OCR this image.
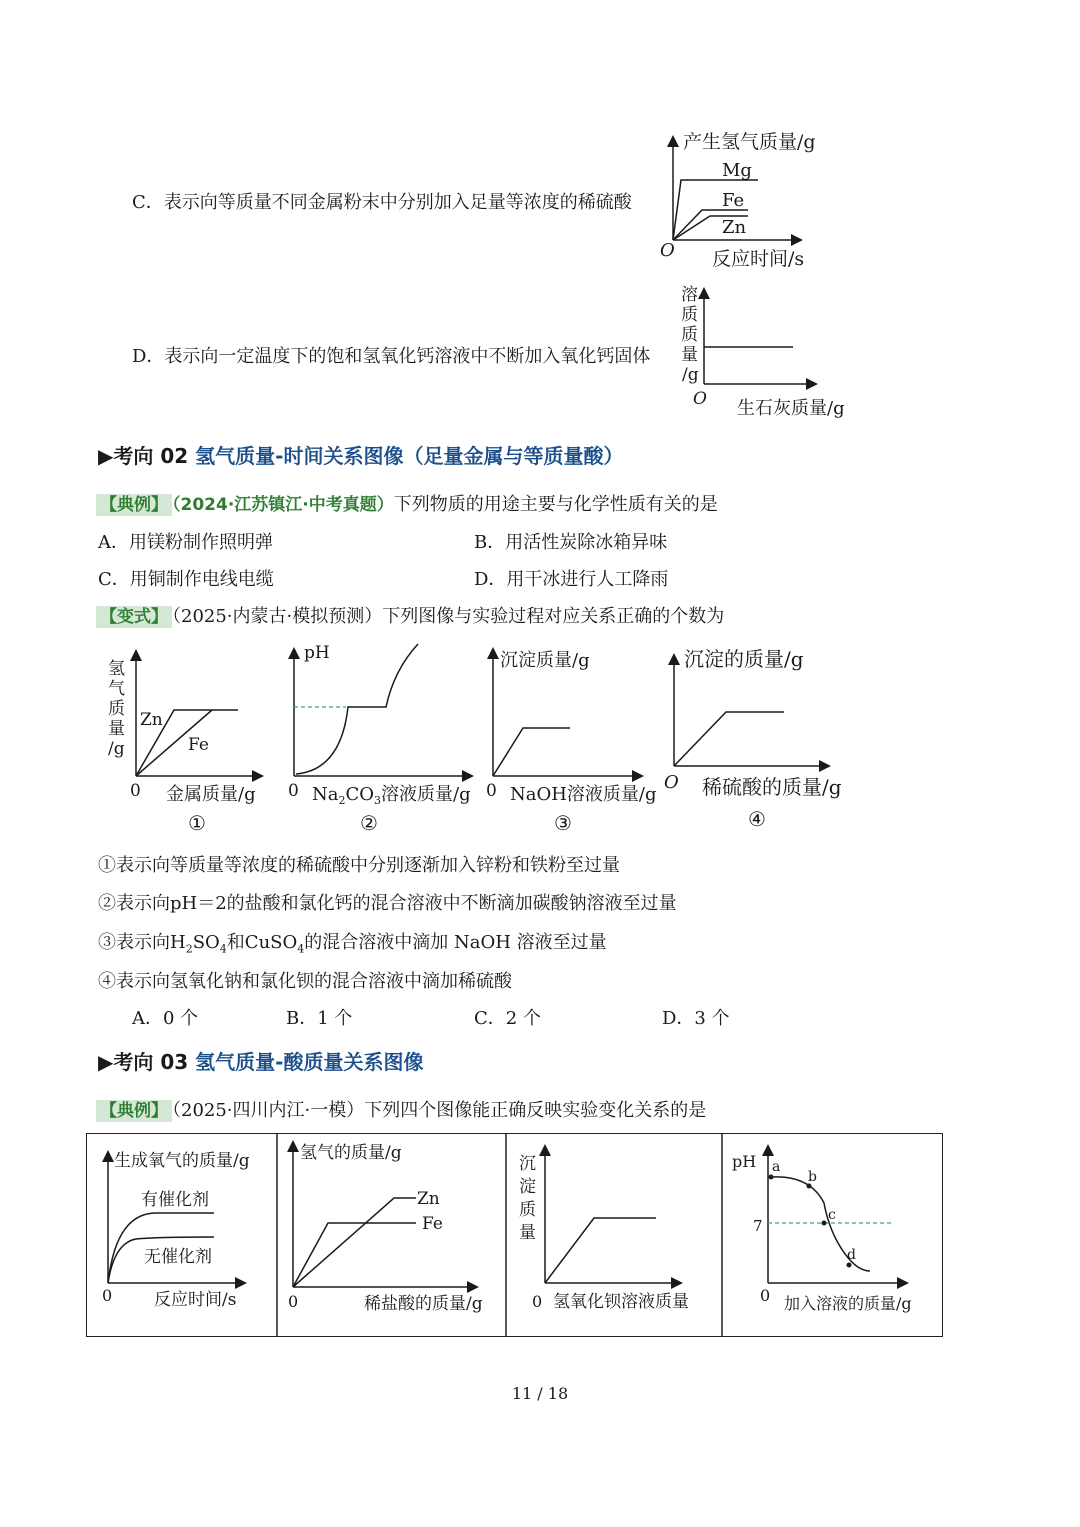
C．表示向等质量不同金属粉末中分别加入足量等浓度的稀硫酸
产生氢气质量/g
Mg
Fe
Zn
O 反应时间/s
D．表示向一定温度下的饱和氢氧化钙溶液中不断加入氧化钙固体
溶
质
质
量
/g
O 生石灰质量/g
▶考向 02 氢气质量-时间关系图像（足量金属与等质量酸）
【典例】 （2024·江苏镇江·中考真题）下列物质的用途主要与化学性质有关的是
A．用镁粉制作照明弹	B．用活性炭除冰箱异味
C．用铜制作电线电缆	D．用干冰进行人工降雨
【变式】 （2025·内蒙古·模拟预测）下列图像与实验过程对应关系正确的个数为
氢
气
质
量
/g
Zn
Fe
0 金属质量/g
①
pH
0 $Na_2CO_3$溶液质量/g
②
沉淀质量/g
0 NaOH溶液质量/g
③
沉淀的质量/g
O 稀硫酸的质量/g
④
①表示向等质量等浓度的稀硫酸中分别逐渐加入锌粉和铁粉至过量
②表示向pH＝2的盐酸和氯化钙的混合溶液中不断滴加碳酸钠溶液至过量
③表示向$H_2SO_4$和CuSO$_4$的混合溶液中滴加 NaOH 溶液至过量
④表示向氢氧化钠和氯化钡的混合溶液中滴加稀硫酸
A．0 个	B．1 个	C．2 个	D．3 个
▶考向 03 氢气质量-酸质量关系图像
【典例】 （2025·四川内江·一模）下列四个图像能正确反映实验变化关系的是
生成氧气的质量/g
有催化剂
无催化剂
0 反应时间/s
氢气的质量/g
Zn
Fe
0	稀盐酸的质量/g
沉
淀
质
量
0 氢氧化钡溶液质量
pH
7
a
b
c
d
0 加入溶液的质量/g
11 / 18
